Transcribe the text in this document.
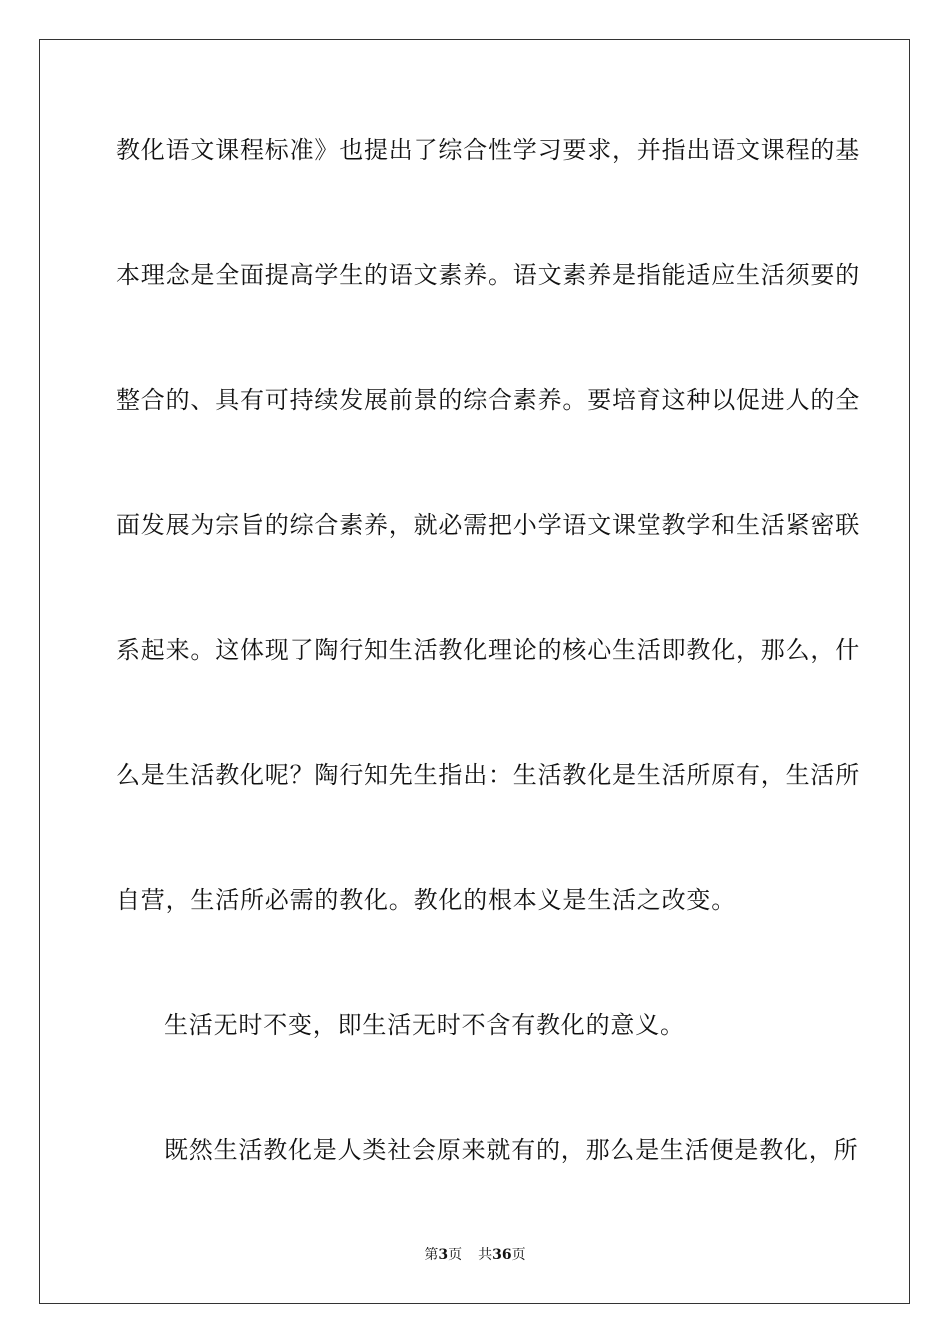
教化语文课程标准》也提出了综合性学习要求，并指出语文课程的基
本理念是全面提高学生的语文素养。语文素养是指能适应生活须要的
整合的、具有可持续发展前景的综合素养。要培育这种以促进人的全
面发展为宗旨的综合素养，就必需把小学语文课堂教学和生活紧密联
系起来。这体现了陶行知生活教化理论的核心生活即教化，那么，什
么是生活教化呢？陶行知先生指出：生活教化是生活所原有，生活所
自营，生活所必需的教化。教化的根本义是生活之改变。
生活无时不变，即生活无时不含有教化的意义。
既然生活教化是人类社会原来就有的，那么是生活便是教化，所
第3页 共36页
